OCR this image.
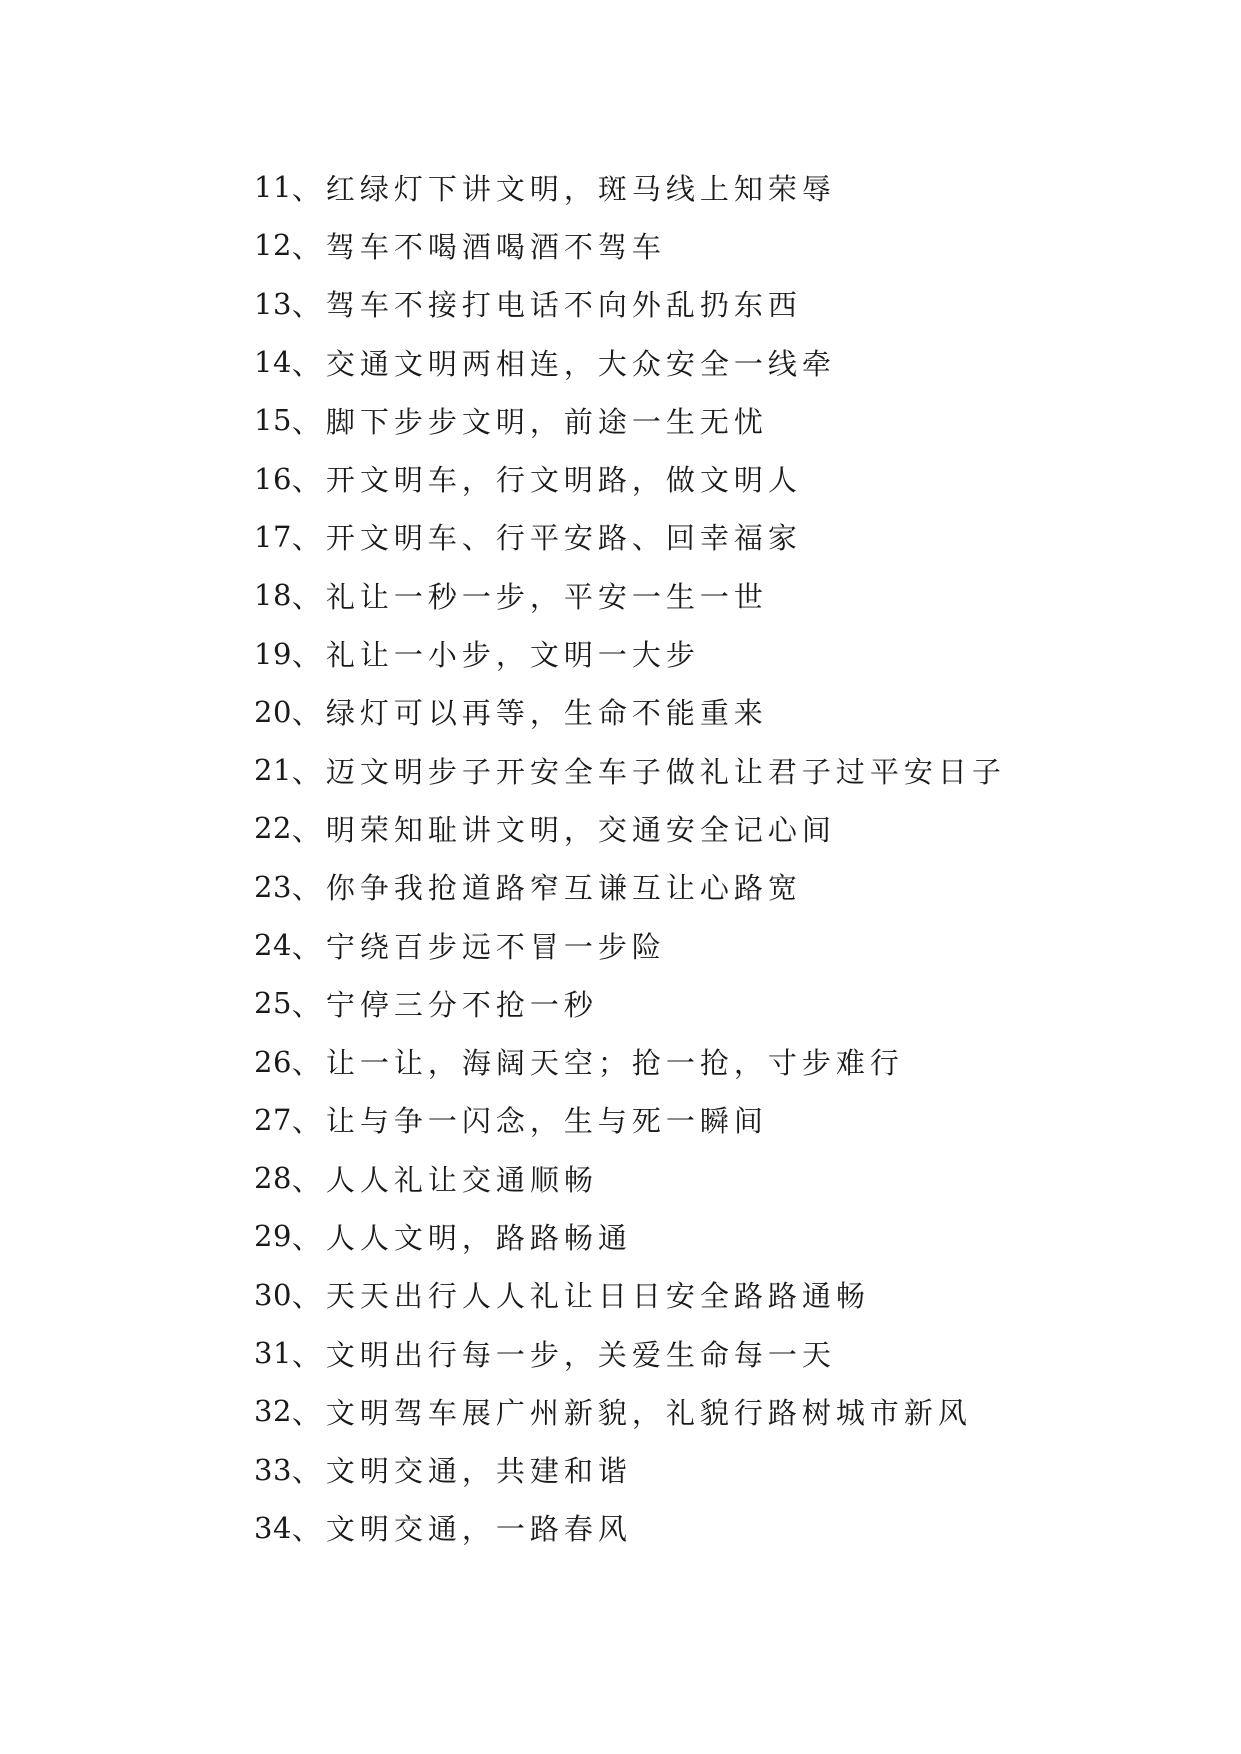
11 、 红绿灯下讲文明，斑马线上知荣辱
12 、 驾车不喝酒喝酒不驾车
13 、 驾车不接打电话不向外乱扔东西
14 、 交通文明两相连，大众安全一线牵
15 、 脚下步步文明，前途一生无忧
16 、 开文明车，行文明路，做文明人
17 、 开文明车、行平安路、回幸福家
18 、 礼让一秒一步，平安一生一世
19 、 礼让一小步，文明一大步
20 、 绿灯可以再等，生命不能重来
21 、 迈文明步子开安全车子做礼让君子过平安日子
22 、 明荣知耻讲文明，交通安全记心间
23 、 你争我抢道路窄互谦互让心路宽
24 、 宁绕百步远不冒一步险
25 、 宁停三分不抢一秒
26 、 让一让，海阔天空；抢一抢，寸步难行
27 、 让与争一闪念，生与死一瞬间
28 、 人人礼让交通顺畅
29 、 人人文明，路路畅通
30 、 天天出行人人礼让日日安全路路通畅
31 、 文明出行每一步，关爱生命每一天
32 、 文明驾车展广州新貌，礼貌行路树城市新风
33 、 文明交通，共建和谐
34 、 文明交通，一路春风
